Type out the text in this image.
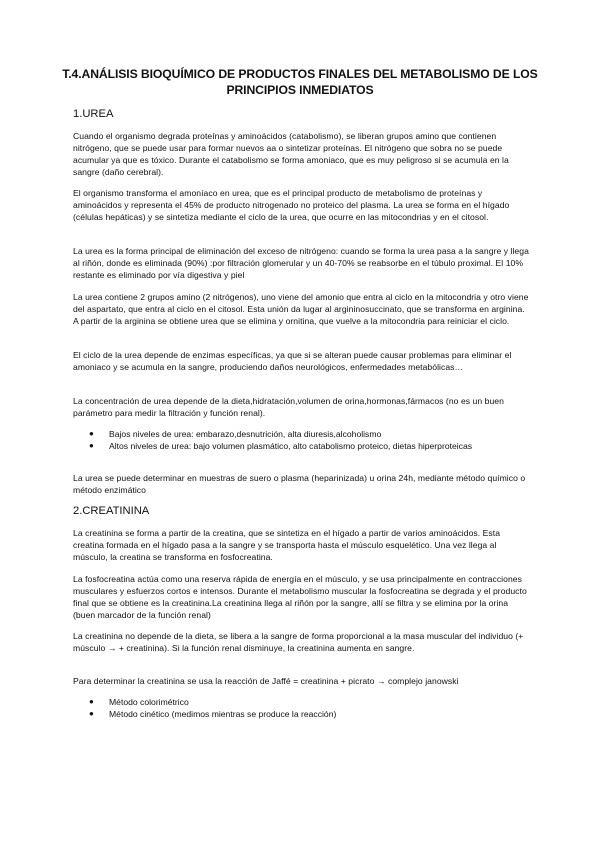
T.4.ANÁLISIS BIOQUÍMICO DE PRODUCTOS FINALES DEL METABOLISMO DE LOS PRINCIPIOS INMEDIATOS
1.UREA

Cuando el organismo degrada proteínas y aminoácidos (catabolismo), se liberan grupos amino que contienen nitrógeno, que se puede usar para formar nuevos aa o sintetizar proteínas. El nitrógeno que sobra no se puede acumular ya que es tóxico. Durante el catabolismo se forma amoniaco, que es muy peligroso si se acumula en la sangre (daño cerebral).

El organismo transforma el amoníaco en urea, que es el principal producto de metabolismo de proteínas y aminoácidos y representa el 45% de producto nitrogenado no proteico del plasma. La urea se forma en el hígado (células hepáticas) y se sintetiza mediante el ciclo de la urea, que ocurre en las mitocondrias y en el citosol.

La urea es la forma principal de eliminación del exceso de nitrógeno: cuando se forma la urea pasa a la sangre y llega al riñón, donde es eliminada (90%) :por filtración glomerular y un 40-70% se reabsorbe en el túbulo proximal. El 10% restante es eliminado por vía digestiva y piel

La urea contiene 2 grupos amino (2 nitrógenos), uno viene del amonio que entra al ciclo en la mitocondria y otro viene del aspartato, que entra al ciclo en el citosol. Esta unión da lugar al argininosuccinato, que se transforma en arginina. A partir de la arginina se obtiene urea que se elimina y ornitina, que vuelve a la mitocondria para reiniciar el ciclo.

El ciclo de la urea depende de enzimas específicas, ya que si se alteran puede causar problemas para eliminar el amoniaco y se acumula en la sangre, produciendo daños neurológicos, enfermedades metabólicas…

La concentración de urea depende de la dieta,hidratación,volumen de orina,hormonas,fármacos (no es un buen parámetro para medir la filtración y función renal).

● Bajos niveles de urea: embarazo,desnutrición, alta diuresis,alcoholismo
● Altos niveles de urea: bajo volumen plasmático, alto catabolismo proteico, dietas hiperproteicas

La urea se puede determinar en muestras de suero o plasma (heparinizada) u orina 24h, mediante método químico o método enzimático

2.CREATININA

La creatinina se forma a partir de la creatina, que se sintetiza en el hígado a partir de varios aminoácidos. Esta creatina formada en el hígado pasa a la sangre y se transporta hasta el músculo esquelético. Una vez llega al músculo, la creatina se transforma en fosfocreatina.

La fosfocreatina actúa como una reserva rápida de energía en el músculo, y se usa principalmente en contracciones musculares y esfuerzos cortos e intensos. Durante el metabolismo muscular la fosfocreatina se degrada y el producto final que se obtiene es la creatinina.La creatinina llega al riñón por la sangre, allí se filtra y se elimina por la orina (buen marcador de la función renal)

La creatinina no depende de la dieta, se libera a la sangre de forma proporcional a la masa muscular del individuo (+ músculo → + creatinina). Si la función renal disminuye, la creatinina aumenta en sangre.

Para determinar la creatinina se usa la reacción de Jaffé = creatinina + picrato → complejo janowski

● Método colorimétrico
● Método cinético (medimos mientras se produce la reacción)
